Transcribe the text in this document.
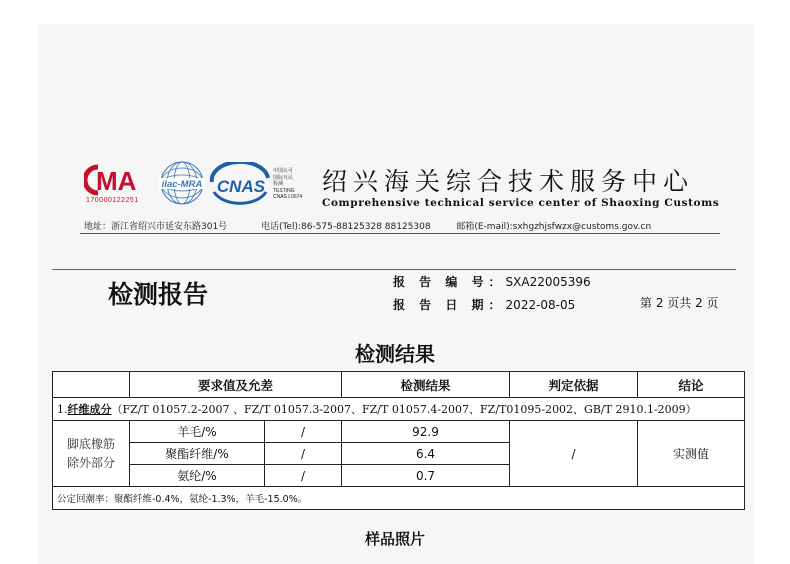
MA
170000122251
ilac-MRA CNAS
中国认可
国际互认
检测
TESTING
CNAS L0674
绍兴海关综合技术服务中心
Comprehensive technical service center of Shaoxing Customs
地址：浙江省绍兴市延安东路301号	电话(Tel):86-575-88125328 88125308	邮箱(E-mail):sxhgzhjsfwzx@customs.gov.cn
检测报告	报 告 编 号：SXA22005396
报 告 日 期：2022-08-05	第 2 页共 2 页
检测结果
	要求值及允差		检测结果	判定依据	结论
1.纤维成分（FZ/T 01057.2-2007 、FZ/T 01057.3-2007、FZ/T 01057.4-2007、FZ/T01095-2002、GB/T 2910.1-2009）					

脚底橡筋
除外部分	羊毛/%	/	92.9	/	实测值
	聚酯纤维/%	/	6.4		
	氨纶/%	/	0.7		
公定回潮率：聚酯纤维-0.4%，氨纶-1.3%，羊毛-15.0%。					
样品照片
